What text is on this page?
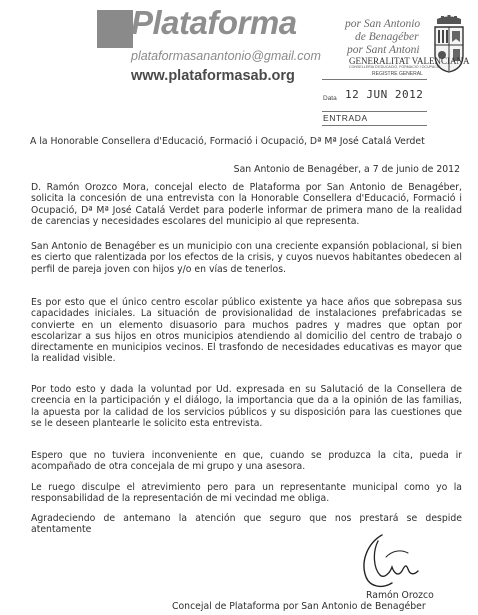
Plataforma
plataformasanantonio@gmail.com
www.plataformasab.org
por San Antonio
de Benagéber
por Sant Antoni
GENERALITAT VALENCIANA
CONSELLERIA D'EDUCACIÓ, FORMACIÓ I OCUPACIÓ
REGISTRE GENERAL
Data 12 JUN 2012
ENTRADA

A la Honorable Consellera d'Educació, Formació i Ocupació, Dª Mª José Catalá Verdet

San Antonio de Benagéber, a 7 de junio de 2012

D. Ramón Orozco Mora, concejal electo de Plataforma por San Antonio de Benagéber, solicita la concesión de una entrevista con la Honorable Consellera d'Educació, Formació i Ocupació, Dª Mª José Catalá Verdet para poderle informar de primera mano de la realidad de carencias y necesidades escolares del municipio al que representa.

San Antonio de Benagéber es un municipio con una creciente expansión poblacional, si bien es cierto que ralentizada por los efectos de la crisis, y cuyos nuevos habitantes obedecen al perfil de pareja joven con hijos y/o en vías de tenerlos.

Es por esto que el único centro escolar público existente ya hace años que sobrepasa sus capacidades iniciales. La situación de provisionalidad de instalaciones prefabricadas se convierte en un elemento disuasorio para muchos padres y madres que optan por escolarizar a sus hijos en otros municipios atendiendo al domicilio del centro de trabajo o directamente en municipios vecinos. El trasfondo de necesidades educativas es mayor que la realidad visible.

Por todo esto y dada la voluntad por Ud. expresada en su Salutació de la Consellera de creencia en la participación y el diálogo, la importancia que da a la opinión de las familias, la apuesta por la calidad de los servicios públicos y su disposición para las cuestiones que se le deseen plantearle le solicito esta entrevista.

Espero que no tuviera inconveniente en que, cuando se produzca la cita, pueda ir acompañado de otra concejala de mi grupo y una asesora.

Le ruego disculpe el atrevimiento pero para un representante municipal como yo la responsabilidad de la representación de mi vecindad me obliga.

Agradeciendo de antemano la atención que seguro que nos prestará se despide atentamente

Ramón Orozco
Concejal de Plataforma por San Antonio de Benagéber
